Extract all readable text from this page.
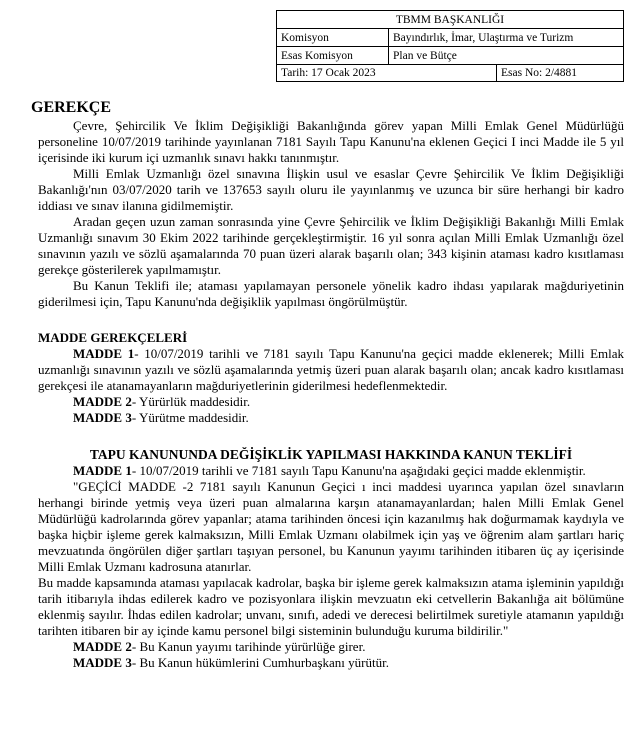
TBMM BAŞKANLIĞI	
Komisyon	Bayındırlık, İmar, Ulaştırma ve Turizm
Esas Komisyon	Plan ve Bütçe

Tarih: 17 Ocak 2023 Esas No: 2/4881	
GEREKÇE

Çevre, Şehircilik Ve İklim Değişikliği Bakanlığında görev yapan Milli Emlak Genel Müdürlüğü personeline 10/07/2019 tarihinde yayınlanan 7181 Sayılı Tapu Kanunu'na eklenen Geçici I inci Madde ile 5 yıl içerisinde iki kurum içi uzmanlık sınavı hakkı tanınmıştır.

Milli Emlak Uzmanlığı özel sınavına İlişkin usul ve esaslar Çevre Şehircilik Ve İklim Değişikliği Bakanlığı'nın 03/07/2020 tarih ve 137653 sayılı oluru ile yayınlanmış ve uzunca bir süre herhangi bir kadro iddiası ve sınav ilanına gidilmemiştir.

Aradan geçen uzun zaman sonrasında yine Çevre Şehircilik ve İklim Değişikliği Bakanlığı Milli Emlak Uzmanlığı sınavım 30 Ekim 2022 tarihinde gerçekleştirmiştir. 16 yıl sonra açılan Milli Emlak Uzmanlığı özel sınavının yazılı ve sözlü aşamalarında 70 puan üzeri alarak başarılı olan; 343 kişinin ataması kadro kısıtlaması gerekçe gösterilerek yapılmamıştır.

Bu Kanun Teklifi ile; ataması yapılamayan personele yönelik kadro ihdası yapılarak mağduriyetinin giderilmesi için, Tapu Kanunu'nda değişiklik yapılması öngörülmüştür.

MADDE GEREKÇELERİ

MADDE 1- 10/07/2019 tarihli ve 7181 sayılı Tapu Kanunu'na geçici madde eklenerek; Milli Emlak uzmanlığı sınavının yazılı ve sözlü aşamalarında yetmiş üzeri puan alarak başarılı olan; ancak kadro kısıtlaması gerekçesi ile atanamayanların mağduriyetlerinin giderilmesi hedeflenmektedir.

MADDE 2- Yürürlük maddesidir.

MADDE 3- Yürütme maddesidir.

TAPU KANUNUNDA DEĞİŞİKLİK YAPILMASI HAKKINDA KANUN TEKLİFİ

MADDE 1- 10/07/2019 tarihli ve 7181 sayılı Tapu Kanunu'na aşağıdaki geçici madde eklenmiştir.

"GEÇİCİ MADDE -2 7181 sayılı Kanunun Geçici ı inci maddesi uyarınca yapılan özel sınavların herhangi birinde yetmiş veya üzeri puan almalarına karşın atanamayanlardan; halen Milli Emlak Genel Müdürlüğü kadrolarında görev yapanlar; atama tarihinden öncesi için kazanılmış hak doğurmamak kaydıyla ve başka hiçbir işleme gerek kalmaksızın, Milli Emlak Uzmanı olabilmek için yaş ve öğrenim alam şartları hariç mevzuatında öngörülen diğer şartları taşıyan personel, bu Kanunun yayımı tarihinden itibaren üç ay içerisinde Milli Emlak Uzmanı kadrosuna atanırlar.

Bu madde kapsamında ataması yapılacak kadrolar, başka bir işleme gerek kalmaksızın atama işleminin yapıldığı tarih itibarıyla ihdas edilerek kadro ve pozisyonlara ilişkin mevzuatın eki cetvellerin Bakanlığa ait bölümüne eklenmiş sayılır. İhdas edilen kadrolar; unvanı, sınıfı, adedi ve derecesi belirtilmek suretiyle atamanın yapıldığı tarihten itibaren bir ay içinde kamu personel bilgi sisteminin bulunduğu kuruma bildirilir."

MADDE 2- Bu Kanun yayımı tarihinde yürürlüğe girer.

MADDE 3- Bu Kanun hükümlerini Cumhurbaşkanı yürütür.
